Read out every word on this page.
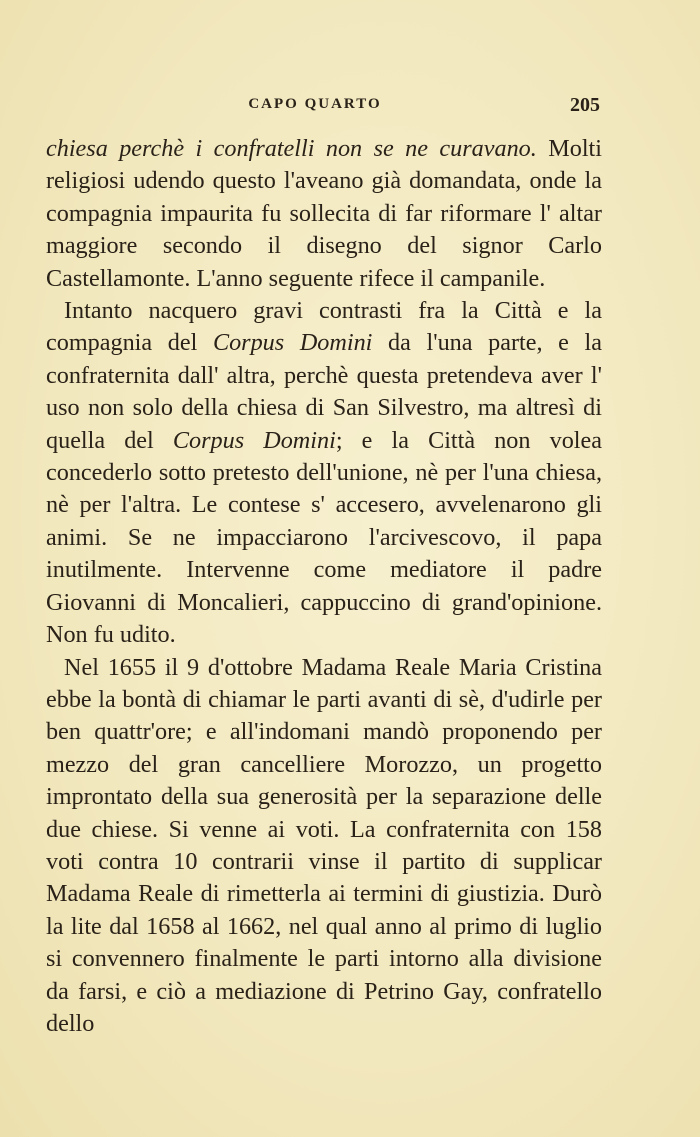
CAPO QUARTO	205

chiesa perchè i confratelli non se ne curavano. Molti religiosi udendo questo l'aveano già domandata, onde la compagnia impaurita fu sollecita di far riformare l' altar maggiore secondo il disegno del signor Carlo Castellamonte. L'anno seguente rifece il campanile.

Intanto nacquero gravi contrasti fra la Città e la compagnia del Corpus Domini da l'una parte, e la confraternita dall' altra, perchè questa pretendeva aver l' uso non solo della chiesa di San Silvestro, ma altresì di quella del Corpus Domini; e la Città non volea concederlo sotto pretesto dell'unione, nè per l'una chiesa, nè per l'altra. Le contese s' accesero, avvelenarono gli animi. Se ne impacciarono l'arcivescovo, il papa inutilmente. Intervenne come mediatore il padre Giovanni di Moncalieri, cappuccino di grand'opinione. Non fu udito.

Nel 1655 il 9 d'ottobre Madama Reale Maria Cristina ebbe la bontà di chiamar le parti avanti di sè, d'udirle per ben quattr'ore; e all'indomani mandò proponendo per mezzo del gran cancelliere Morozzo, un progetto improntato della sua generosità per la separazione delle due chiese. Si venne ai voti. La confraternita con 158 voti contra 10 contrarii vinse il partito di supplicar Madama Reale di rimetterla ai termini di giustizia. Durò la lite dal 1658 al 1662, nel qual anno al primo di luglio si convennero finalmente le parti intorno alla divisione da farsi, e ciò a mediazione di Petrino Gay, confratello dello
